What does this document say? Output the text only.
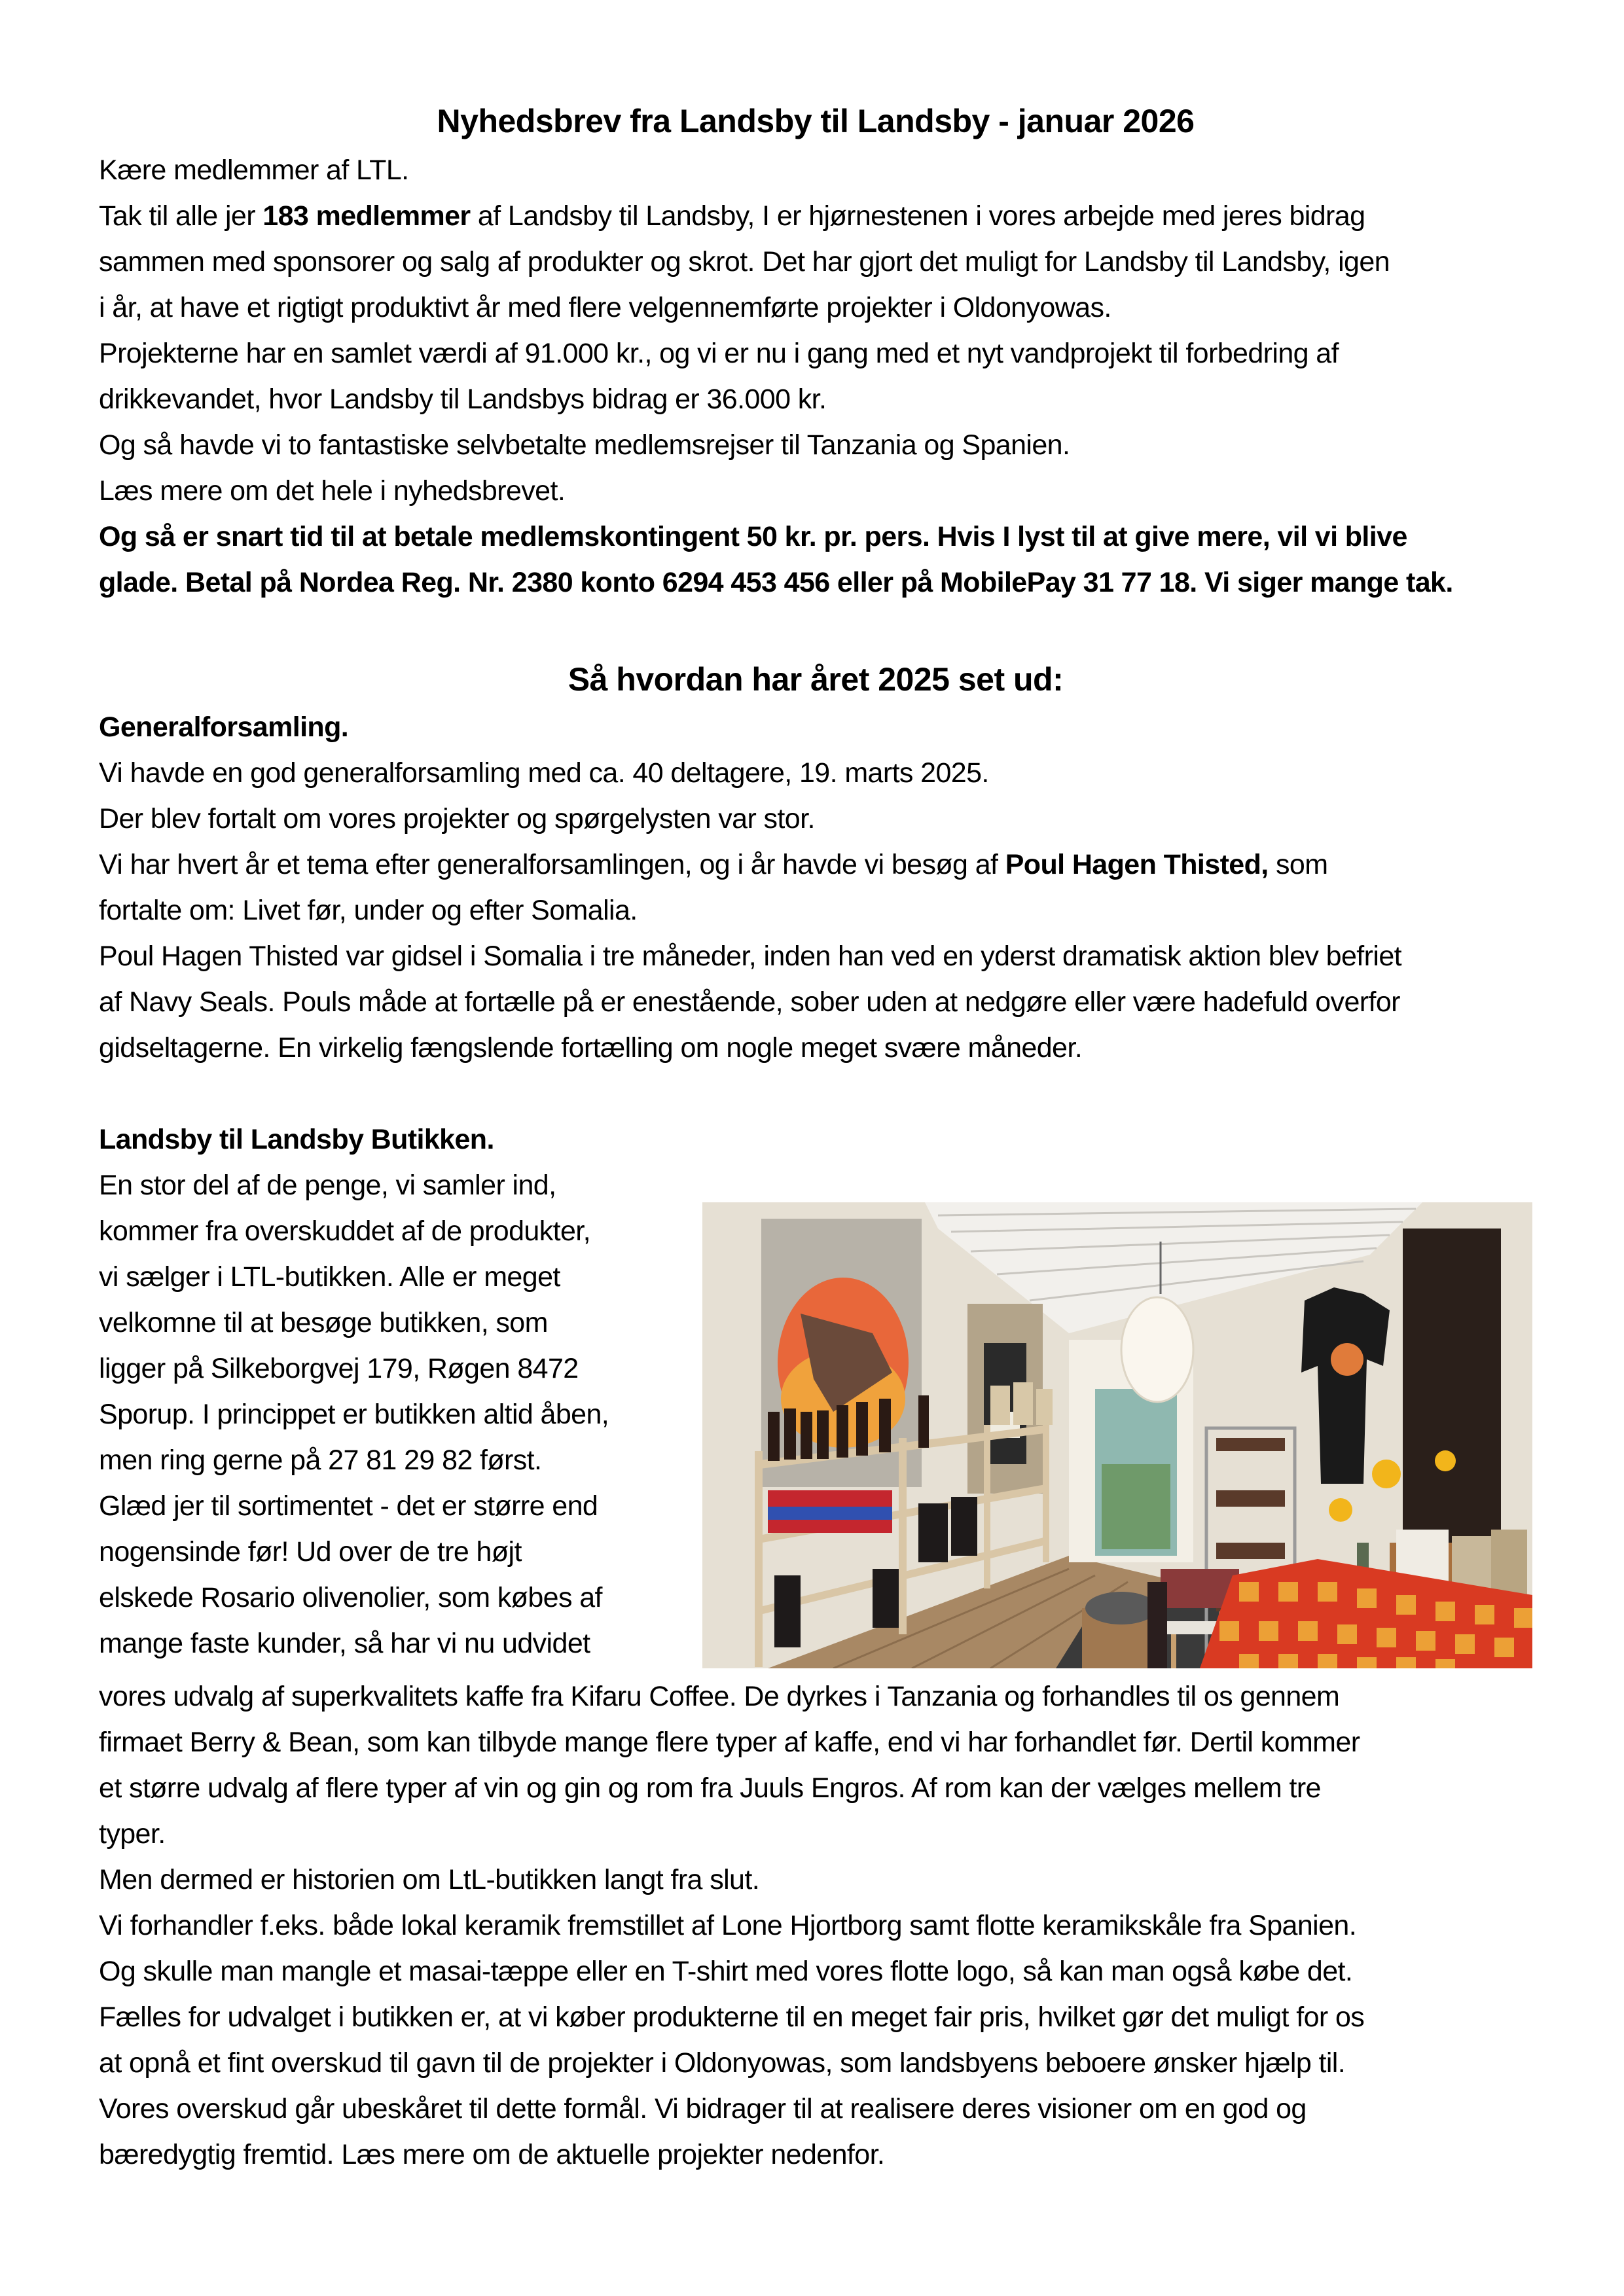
Nyhedsbrev fra Landsby til Landsby - januar 2026
Kære medlemmer af LTL.
Tak til alle jer 183 medlemmer af Landsby til Landsby, I er hjørnestenen i vores arbejde med jeres bidrag
sammen med sponsorer og salg af produkter og skrot. Det har gjort det muligt for Landsby til Landsby, igen
i år, at have et rigtigt produktivt år med flere velgennemførte projekter i Oldonyowas.
Projekterne har en samlet værdi af 91.000 kr., og vi er nu i gang med et nyt vandprojekt til forbedring af
drikkevandet, hvor Landsby til Landsbys bidrag er 36.000 kr.
Og så havde vi to fantastiske selvbetalte medlemsrejser til Tanzania og Spanien.
Læs mere om det hele i nyhedsbrevet.
Og så er snart tid til at betale medlemskontingent 50 kr. pr. pers. Hvis I lyst til at give mere, vil vi blive
glade. Betal på Nordea Reg. Nr. 2380 konto 6294 453 456 eller på MobilePay 31 77 18. Vi siger mange tak.
Så hvordan har året 2025 set ud:
Generalforsamling.
Vi havde en god generalforsamling med ca. 40 deltagere, 19. marts 2025.
Der blev fortalt om vores projekter og spørgelysten var stor.
Vi har hvert år et tema efter generalforsamlingen, og i år havde vi besøg af Poul Hagen Thisted, som
fortalte om: Livet før, under og efter Somalia.
Poul Hagen Thisted var gidsel i Somalia i tre måneder, inden han ved en yderst dramatisk aktion blev befriet
af Navy Seals. Pouls måde at fortælle på er enestående, sober uden at nedgøre eller være hadefuld overfor
gidseltagerne. En virkelig fængslende fortælling om nogle meget svære måneder.
Landsby til Landsby Butikken.
En stor del af de penge, vi samler ind,
kommer fra overskuddet af de produkter,
vi sælger i LTL-butikken. Alle er meget
velkomne til at besøge butikken, som
ligger på Silkeborgvej 179, Røgen 8472
Sporup. I princippet er butikken altid åben,
men ring gerne på 27 81 29 82 først.
Glæd jer til sortimentet - det er større end
nogensinde før! Ud over de tre højt
elskede Rosario olivenolier, som købes af
mange faste kunder, så har vi nu udvidet
vores udvalg af superkvalitets kaffe fra Kifaru Coffee. De dyrkes i Tanzania og forhandles til os gennem
firmaet Berry & Bean, som kan tilbyde mange flere typer af kaffe, end vi har forhandlet før. Dertil kommer
et større udvalg af flere typer af vin og gin og rom fra Juuls Engros. Af rom kan der vælges mellem tre
typer.
Men dermed er historien om LtL-butikken langt fra slut.
Vi forhandler f.eks. både lokal keramik fremstillet af Lone Hjortborg samt flotte keramikskåle fra Spanien.
Og skulle man mangle et masai-tæppe eller en T-shirt med vores flotte logo, så kan man også købe det.
Fælles for udvalget i butikken er, at vi køber produkterne til en meget fair pris, hvilket gør det muligt for os
at opnå et fint overskud til gavn til de projekter i Oldonyowas, som landsbyens beboere ønsker hjælp til.
Vores overskud går ubeskåret til dette formål. Vi bidrager til at realisere deres visioner om en god og
bæredygtig fremtid. Læs mere om de aktuelle projekter nedenfor.
